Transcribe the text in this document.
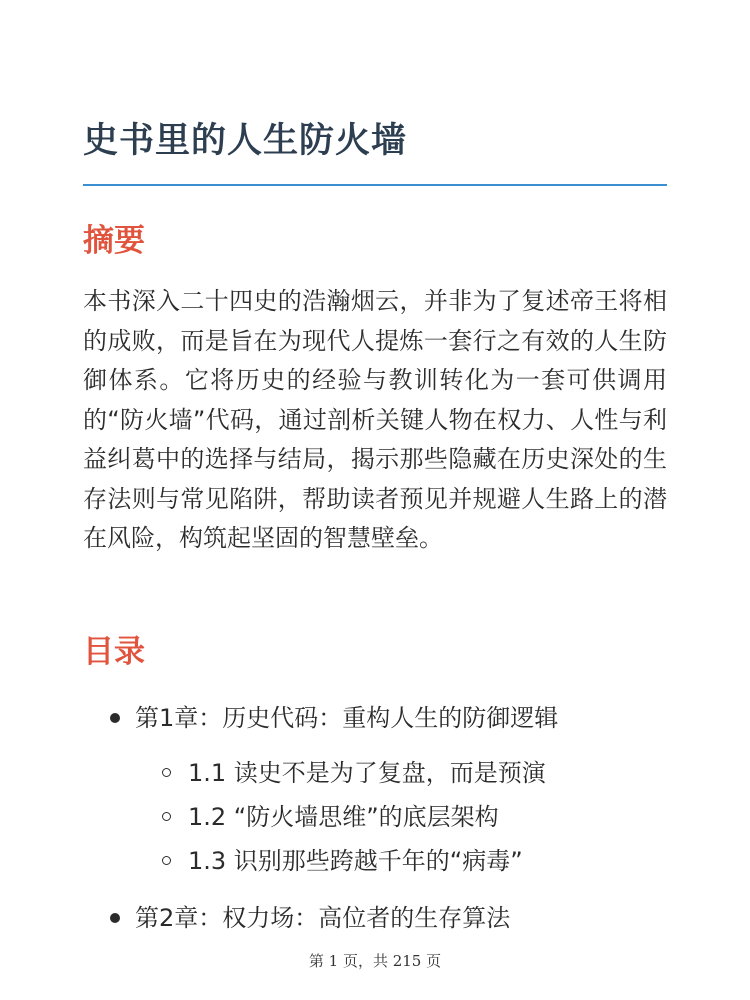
史书里的人生防火墙
摘要

本书深入二十四史的浩瀚烟云，并非为了复述帝王将相的成败，而是旨在为现代人提炼一套行之有效的人生防御体系。它将历史的经验与教训转化为一套可供调用的“防火墙”代码，通过剖析关键人物在权力、人性与利益纠葛中的选择与结局，揭示那些隐藏在历史深处的生存法则与常见陷阱，帮助读者预见并规避人生路上的潜在风险，构筑起坚固的智慧壁垒。

目录
第1章：历史代码：重构人生的防御逻辑
1.1 读史不是为了复盘，而是预演
1.2 “防火墙思维”的底层架构
1.3 识别那些跨越千年的“病毒”
第2章：权力场：高位者的生存算法
第 1 页，共 215 页
